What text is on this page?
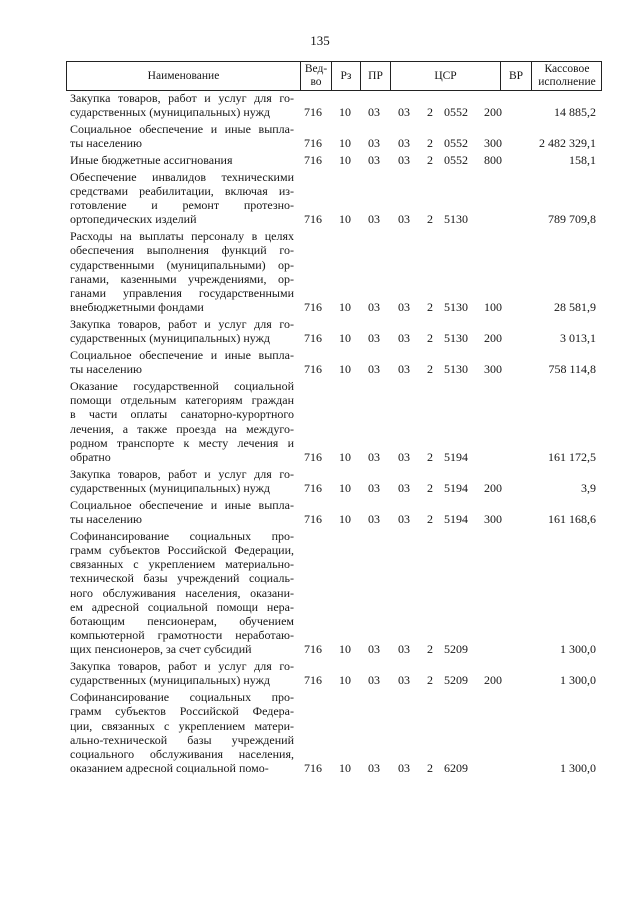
135
Наименование
Вед-
во
Рз	ПР	ЦСР	ВР
Кассовое
исполнение
Закупка товаров, работ и услуг для го-
сударственных (муниципальных) нужд	716 10 03 03 2 0552 200	14 885,2
Социальное обеспечение и иные выпла-
ты населению	716 10 03 03 2 0552 300	2 482 329,1
Иные бюджетные ассигнования	716 10 03 03 2 0552 800	158,1
Обеспечение инвалидов техническими
средствами реабилитации, включая из-
готовление и ремонт протезно-
ортопедических изделий	716 10 03 03 2 5130	789 709,8
Расходы на выплаты персоналу в целях
обеспечения выполнения функций го-
сударственными (муниципальными) ор-
ганами, казенными учреждениями, ор-
ганами управления государственными
внебюджетными фондами	716 10 03 03 2 5130 100	28 581,9
Закупка товаров, работ и услуг для го-
сударственных (муниципальных) нужд	716 10 03 03 2 5130 200	3 013,1
Социальное обеспечение и иные выпла-
ты населению	716 10 03 03 2 5130 300	758 114,8
Оказание государственной социальной
помощи отдельным категориям граждан
в части оплаты санаторно-курортного
лечения, а также проезда на междуго-
родном транспорте к месту лечения и
обратно	716 10 03 03 2 5194	161 172,5
Закупка товаров, работ и услуг для го-
сударственных (муниципальных) нужд	716 10 03 03 2 5194 200	3,9
Социальное обеспечение и иные выпла-
ты населению	716 10 03 03 2 5194 300	161 168,6
Софинансирование социальных про-
грамм субъектов Российской Федерации,
связанных с укреплением материально-
технической базы учреждений социаль-
ного обслуживания населения, оказани-
ем адресной социальной помощи нера-
ботающим пенсионерам, обучением
компьютерной грамотности неработаю-
щих пенсионеров, за счет субсидий	716 10 03 03 2 5209	1 300,0
Закупка товаров, работ и услуг для го-
сударственных (муниципальных) нужд	716 10 03 03 2 5209 200	1 300,0
Софинансирование социальных про-
грамм субъектов Российской Федера-
ции, связанных с укреплением матери-
ально-технической базы учреждений
социального обслуживания населения,
оказанием адресной социальной помо-	716 10 03 03 2 6209	1 300,0
